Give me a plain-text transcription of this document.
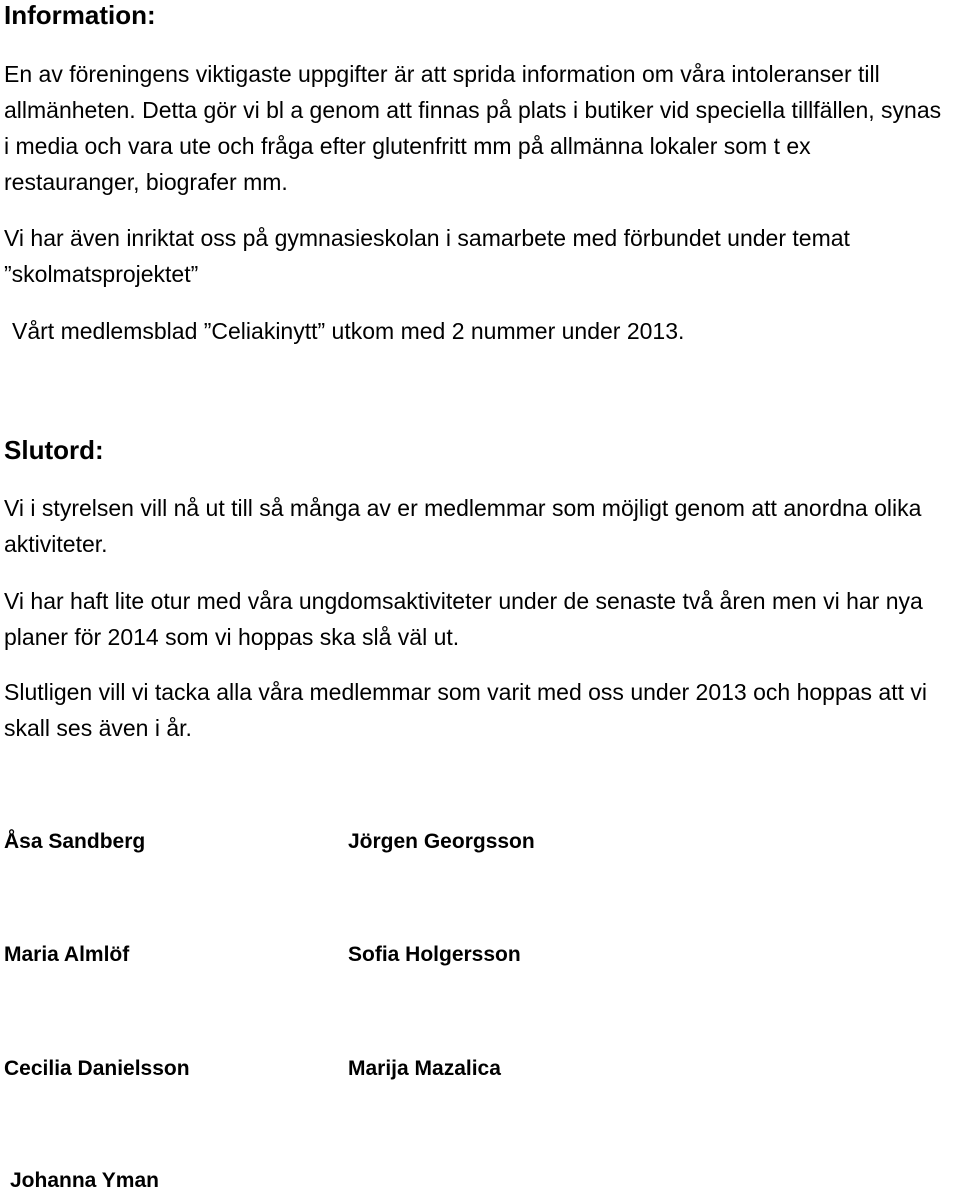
Information:
En av föreningens viktigaste uppgifter är att sprida information om våra intoleranser till
allmänheten. Detta gör vi bl a genom att finnas på plats i butiker vid speciella tillfällen, synas
i media och vara ute och fråga efter glutenfritt mm på allmänna lokaler som t ex
restauranger, biografer mm.
Vi har även inriktat oss på gymnasieskolan i samarbete med förbundet under temat
”skolmatsprojektet”
Vårt medlemsblad ”Celiakinytt” utkom med 2 nummer under 2013.
Slutord:
Vi i styrelsen vill nå ut till så många av er medlemmar som möjligt genom att anordna olika
aktiviteter.
Vi har haft lite otur med våra ungdomsaktiviteter under de senaste två åren men vi har nya
planer för 2014 som vi hoppas ska slå väl ut.
Slutligen vill vi tacka alla våra medlemmar som varit med oss under 2013 och hoppas att vi
skall ses även i år.
Åsa Sandberg	Jörgen Georgsson
Maria Almlöf	Sofia Holgersson
Cecilia Danielsson	Marija Mazalica
Johanna Yman
